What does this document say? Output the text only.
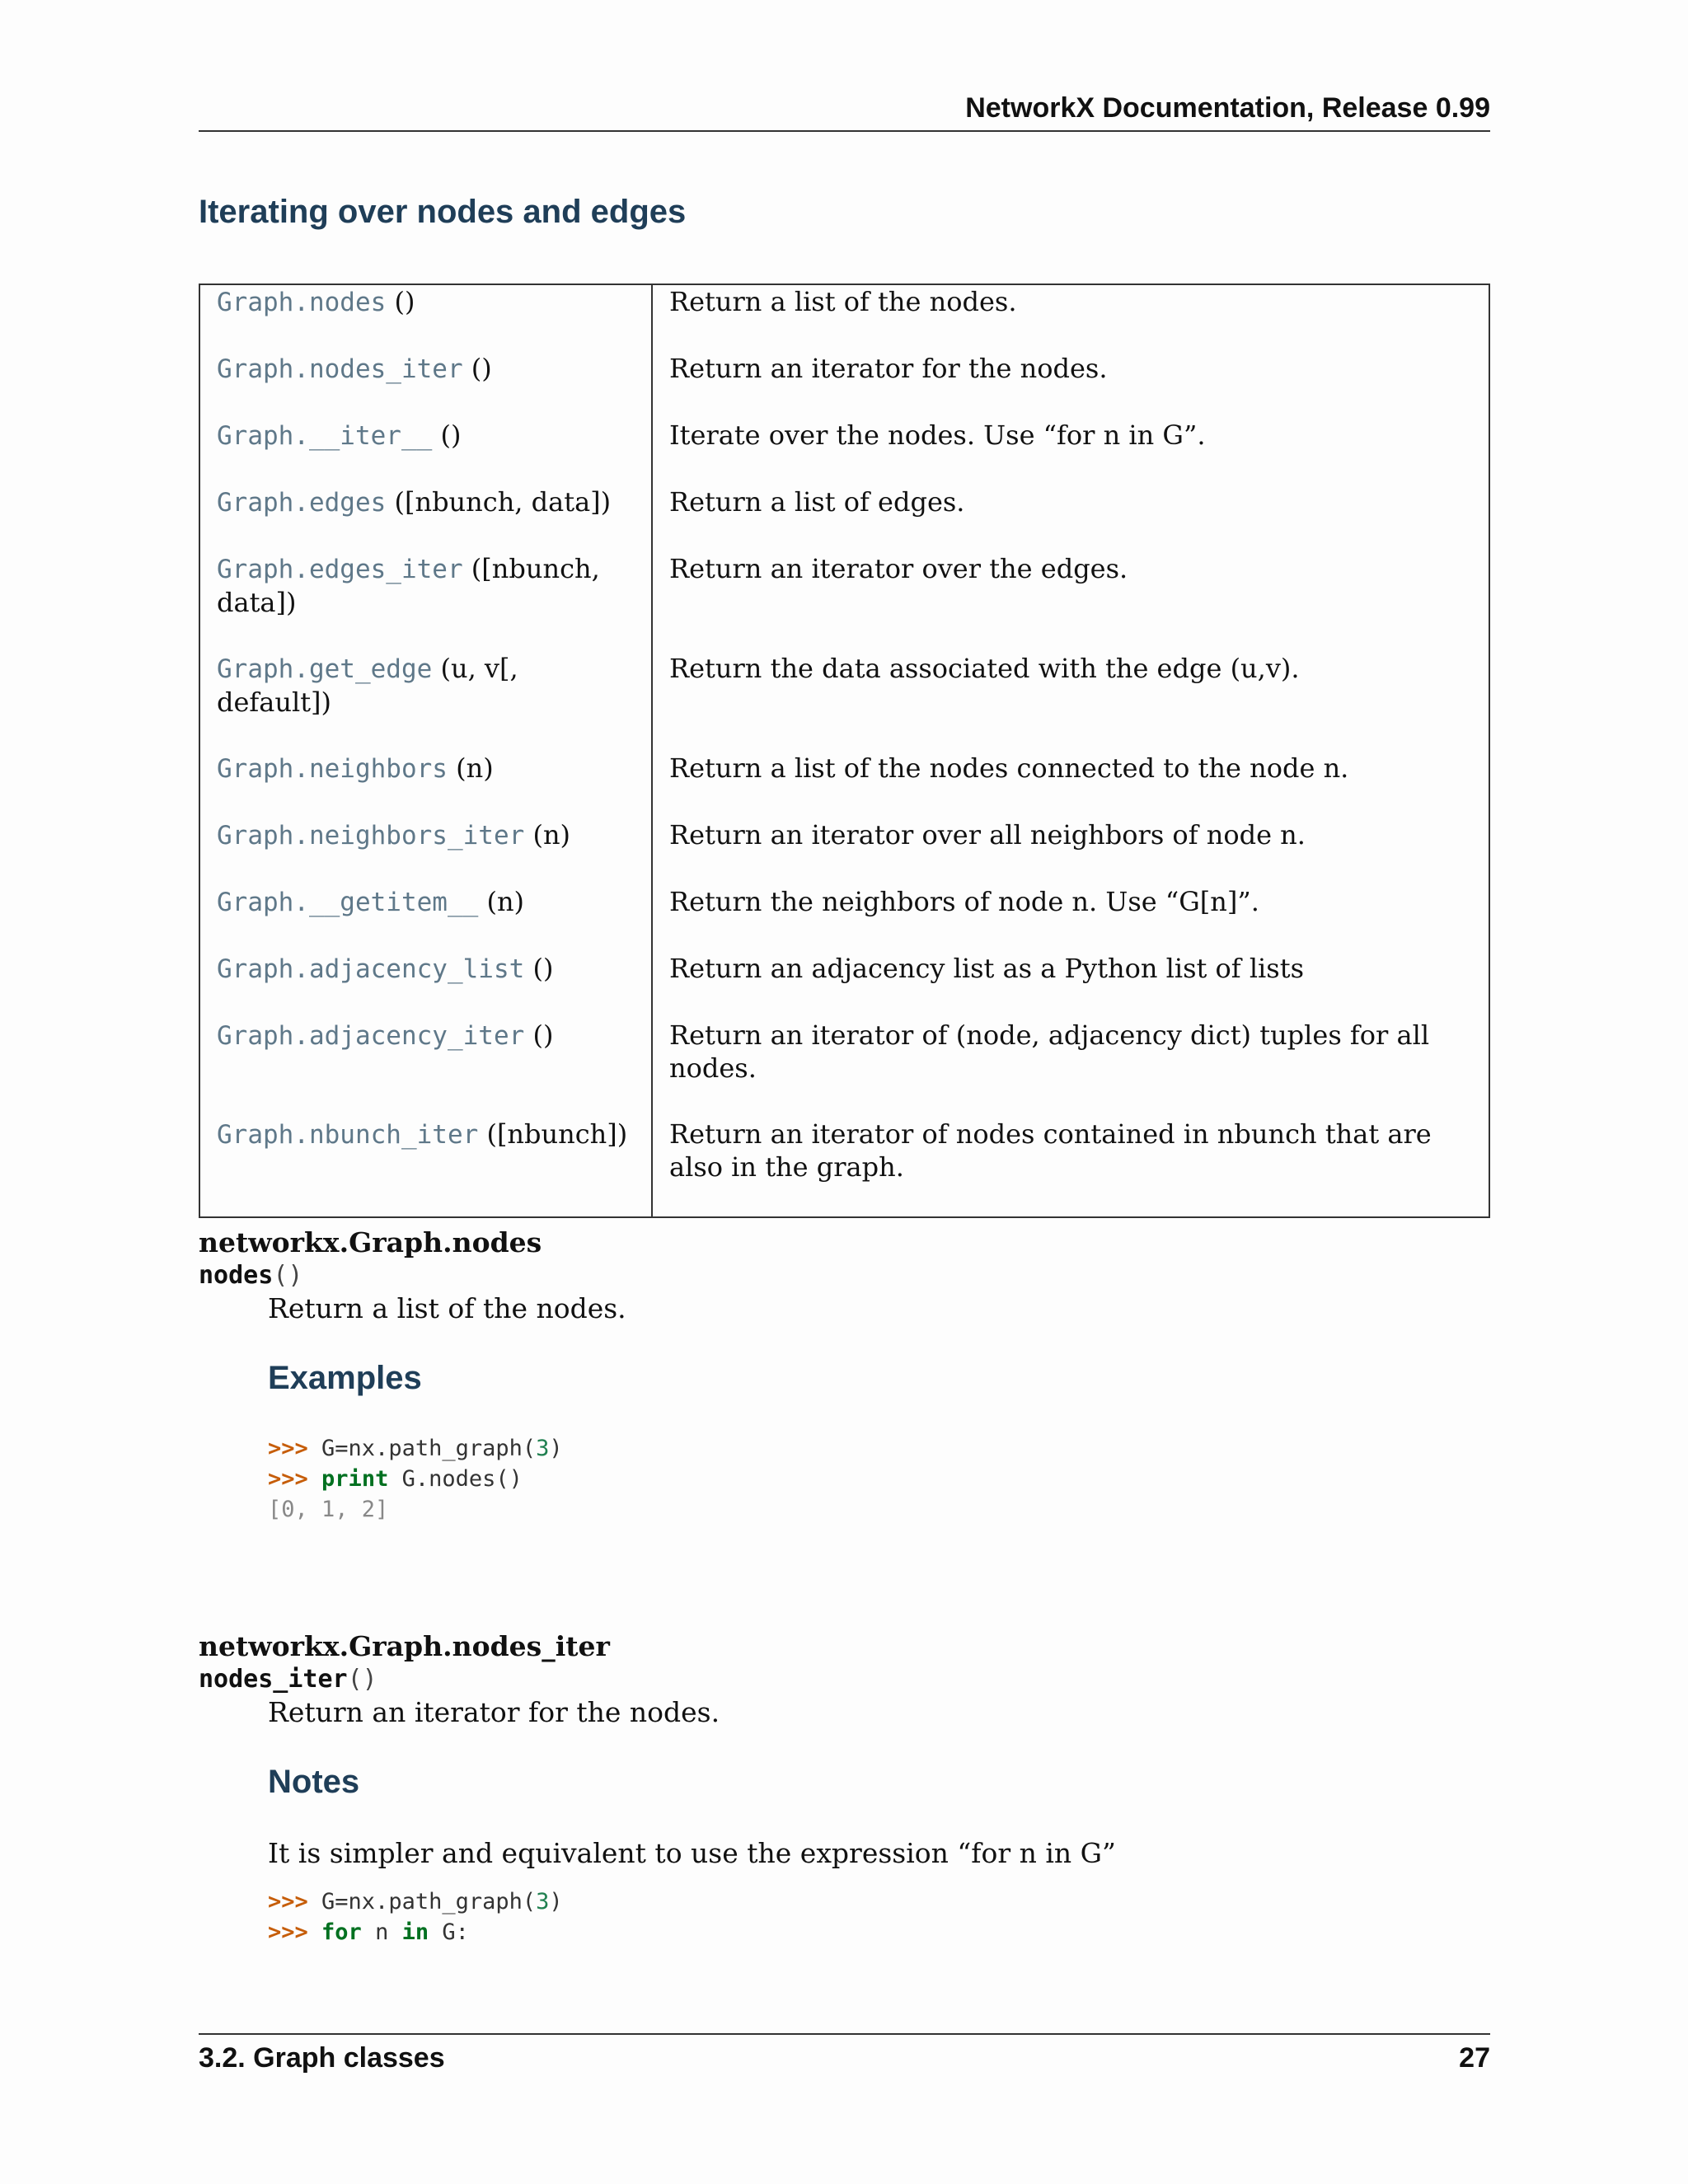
NetworkX Documentation, Release 0.99
Iterating over nodes and edges
Graph.nodes ()	Return a list of the nodes.
Graph.nodes_iter ()	Return an iterator for the nodes.
Graph.__iter__ ()	Iterate over the nodes. Use “for n in G”.
Graph.edges ([nbunch, data])	Return a list of edges.
Graph.edges_iter ([nbunch, data])	Return an iterator over the edges.
Graph.get_edge (u, v[, default])	Return the data associated with the edge (u,v).
Graph.neighbors (n)	Return a list of the nodes connected to the node n.
Graph.neighbors_iter (n)	Return an iterator over all neighbors of node n.
Graph.__getitem__ (n)	Return the neighbors of node n. Use “G[n]”.
Graph.adjacency_list ()	Return an adjacency list as a Python list of lists
Graph.adjacency_iter ()	Return an iterator of (node, adjacency dict) tuples for all nodes.
Graph.nbunch_iter ([nbunch])	Return an iterator of nodes contained in nbunch that are also in the graph.
networkx.Graph.nodes
nodes()
Return a list of the nodes.
Examples
>>> G=nx.path_graph(3)
>>> print G.nodes()
[0, 1, 2]
networkx.Graph.nodes_iter
nodes_iter()
Return an iterator for the nodes.
Notes
It is simpler and equivalent to use the expression “for n in G”
>>> G=nx.path_graph(3)
>>> for n in G:
3.2. Graph classes	27
